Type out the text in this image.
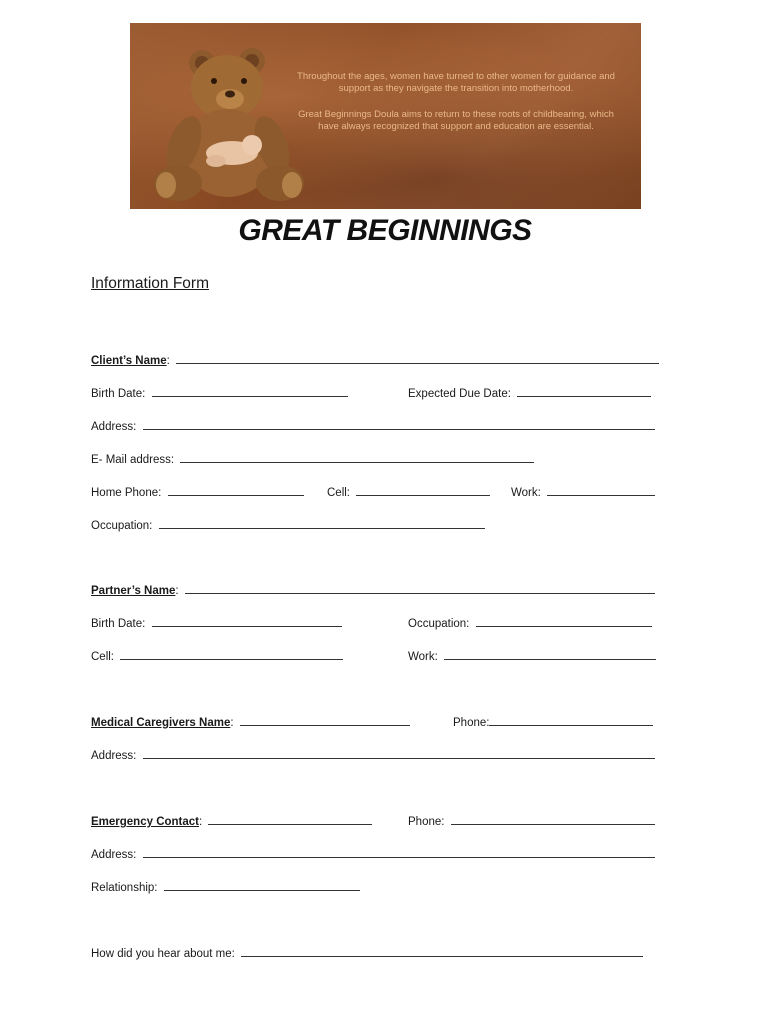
Throughout the ages, women have turned to other women for guidance and support as they navigate the transition into motherhood.
Great Beginnings Doula aims to return to these roots of childbearing, which have always recognized that support and education are essential.
GREAT BEGINNINGS
Information Form
Client’s Name:
Birth Date:	Expected Due Date:
Address:
E- Mail address:
Home Phone:	Cell:	Work:
Occupation:
Partner’s Name:
Birth Date:	Occupation:
Cell:	Work:
Medical Caregivers Name:	Phone:
Address:
Emergency Contact:	Phone:
Address:
Relationship:
How did you hear about me:
